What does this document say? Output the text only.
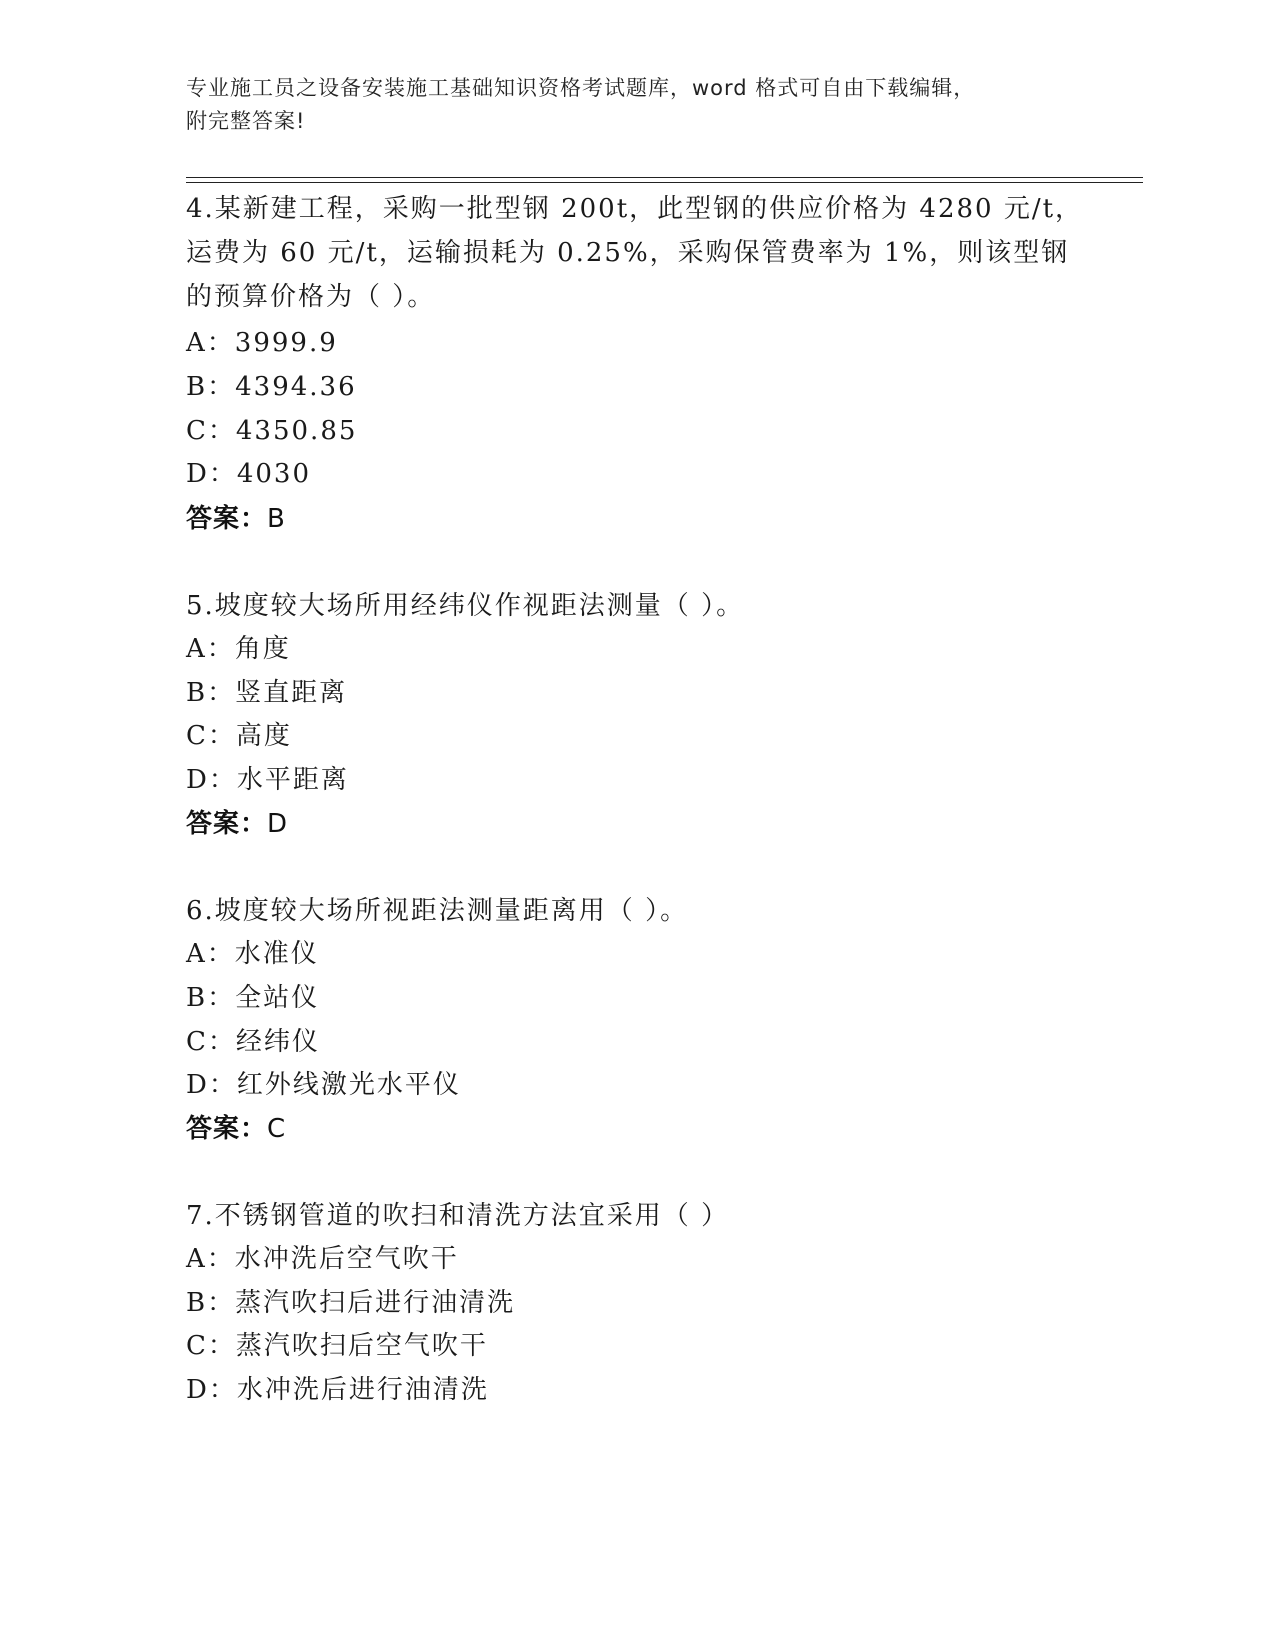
专业施工员之设备安装施工基础知识资格考试题库，word 格式可自由下载编辑，
附完整答案!
4.某新建工程，采购一批型钢 200t，此型钢的供应价格为 4280 元/t，
运费为 60 元/t，运输损耗为 0.25%，采购保管费率为 1%，则该型钢
的预算价格为（ ）。
A：3999.9
B：4394.36
C：4350.85
D：4030
答案：B
5.坡度较大场所用经纬仪作视距法测量（ ）。
A：角度
B：竖直距离
C：高度
D：水平距离
答案：D
6.坡度较大场所视距法测量距离用（ ）。
A：水准仪
B：全站仪
C：经纬仪
D：红外线激光水平仪
答案：C
7.不锈钢管道的吹扫和清洗方法宜采用（ ）
A：水冲洗后空气吹干
B：蒸汽吹扫后进行油清洗
C：蒸汽吹扫后空气吹干
D：水冲洗后进行油清洗
